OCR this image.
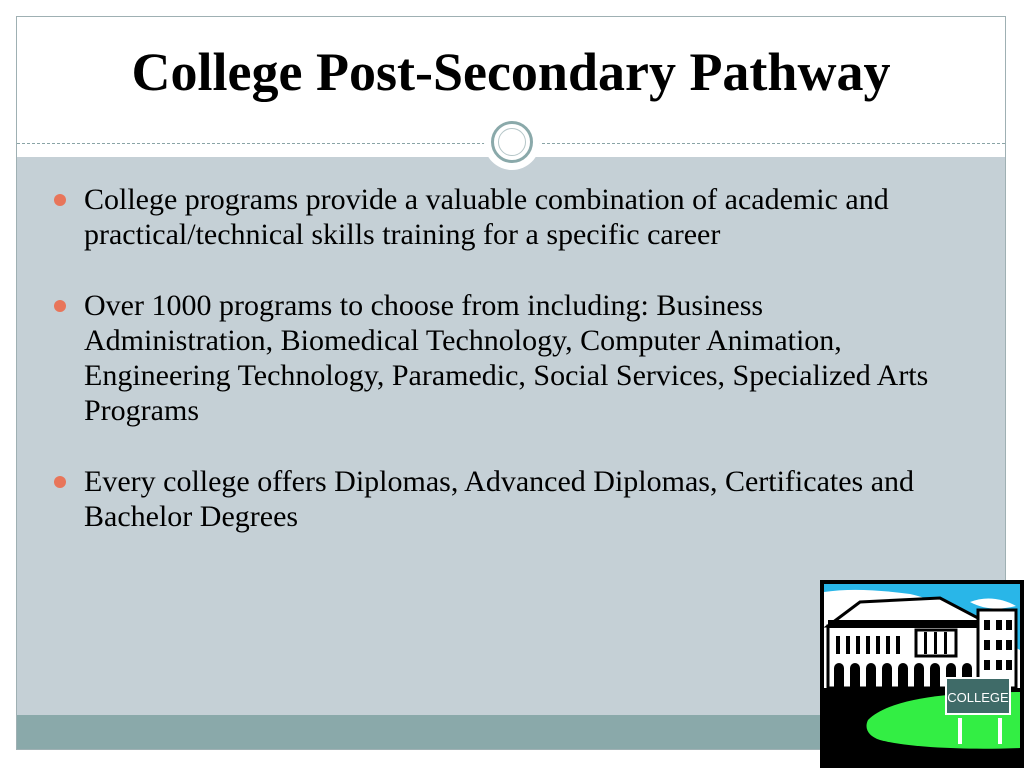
College Post-Secondary Pathway
College programs provide a valuable combination of academic and practical/technical skills training for a specific career
Over 1000 programs to choose from including: Business Administration, Biomedical Technology, Computer Animation, Engineering Technology, Paramedic, Social Services, Specialized Arts Programs
Every college offers Diplomas, Advanced Diplomas, Certificates and Bachelor Degrees
COLLEGE
